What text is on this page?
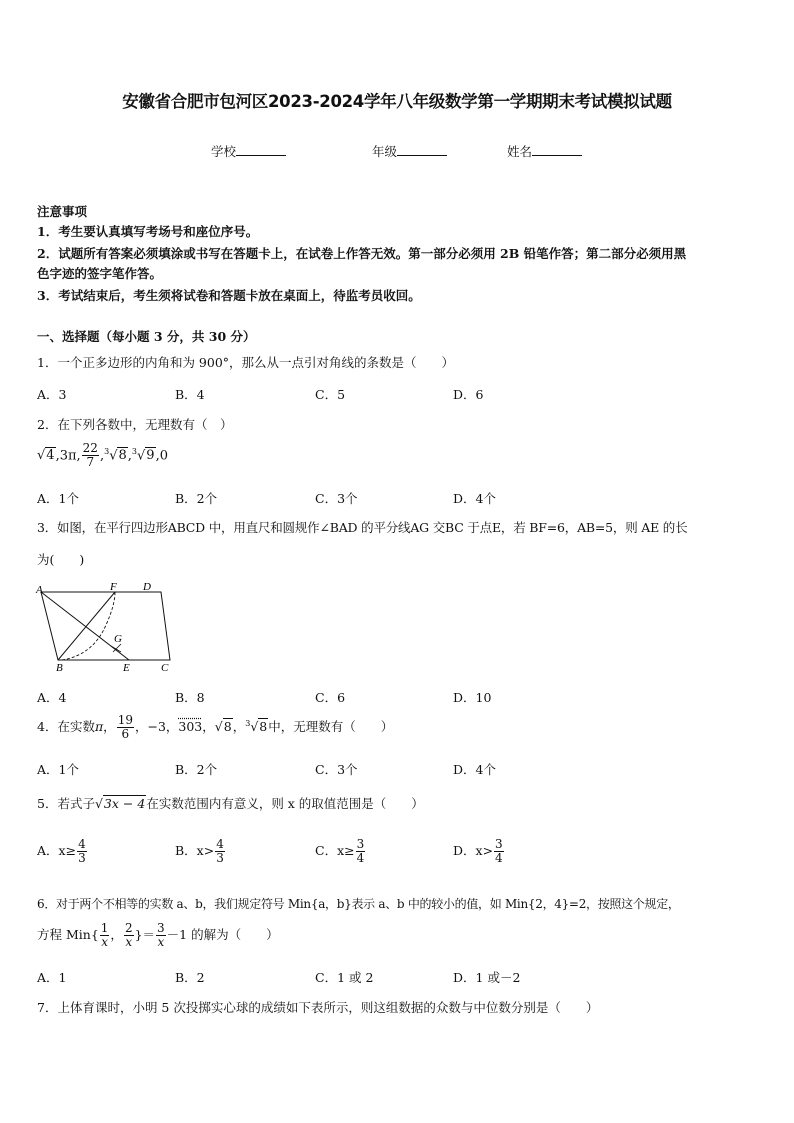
安徽省合肥市包河区2023-2024学年八年级数学第一学期期末考试模拟试题
学校	年级	姓名
注意事项
1．考生要认真填写考场号和座位序号。
2．试题所有答案必须填涂或书写在答题卡上，在试卷上作答无效。第一部分必须用 2B 铅笔作答；第二部分必须用黑
色字迹的签字笔作答。
3．考试结束后，考生须将试卷和答题卡放在桌面上，待监考员收回。
一、选择题（每小题 3 分，共 30 分）
1．一个正多边形的内角和为 900°，那么从一点引对角线的条数是（　　）
A．3	B．4	C．5	D．6
2．在下列各数中，无理数有（　）
√4,3π, $\frac{22}{7} ,^3√8,^3√9,0$
A．1个	B．2个	C．3个	D．4个
3．如图，在平行四边形ABCD 中，用直尺和圆规作∠BAD 的平分线AG 交BC 于点E，若 BF=6，AB=5，则 AE 的长
为(　　)
A	F D
G
B	E	C
A．4	B．8	C．6	D．10
4．在实数π， $\frac{19}{6}$ ，−3，303，√8，$^3$√8中，无理数有（　　）
A．1个	B．2个	C．3个	D．4个
5．若式子√3x − 4在实数范围内有意义，则 x 的取值范围是（　　）
A．$x\ge \frac{4}{3}$	B．$x> \frac{4}{3}$	C．$x\ge \frac{3}{4}$	D．$x> \frac{3}{4}$
6．对于两个不相等的实数 a、b，我们规定符号 Min{a，b}表示 a、b 中的较小的值，如 Min{2，4}=2，按照这个规定，
方程 $Min\{ \frac{1}{x}$ ， $\frac{2}{x}$ }＝ $\frac{3}{x} -1$ 的解为（　　）
A．1	B．2	C．1 或 2	D．1 或－2
7．上体育课时，小明 5 次投掷实心球的成绩如下表所示，则这组数据的众数与中位数分别是（　　）
